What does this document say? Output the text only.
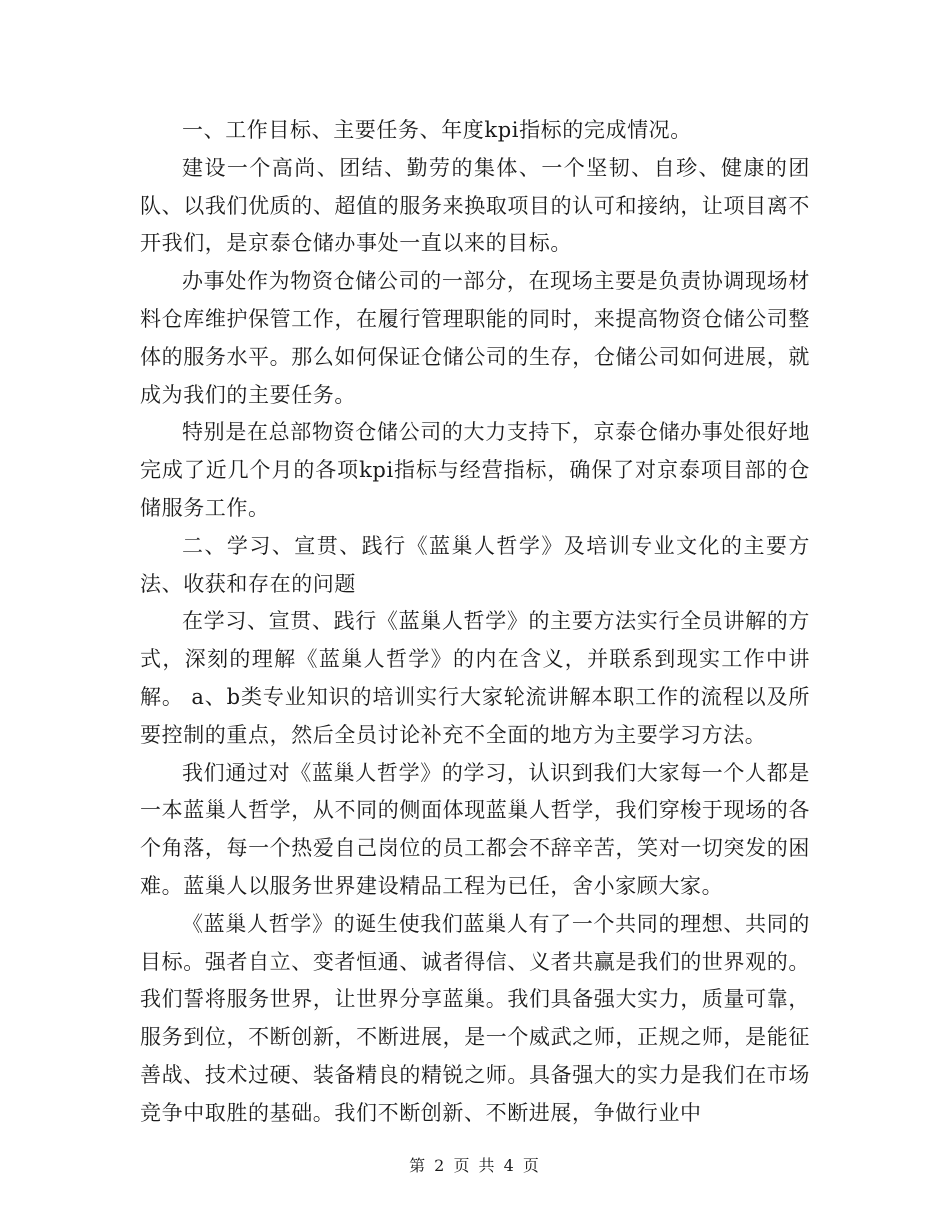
一、工作目标、主要任务、年度kpi指标的完成情况。

建设一个高尚、团结、勤劳的集体、一个坚韧、自珍、健康的团队、以我们优质的、超值的服务来换取项目的认可和接纳，让项目离不开我们，是京泰仓储办事处一直以来的目标。

办事处作为物资仓储公司的一部分，在现场主要是负责协调现场材料仓库维护保管工作，在履行管理职能的同时，来提高物资仓储公司整体的服务水平。那么如何保证仓储公司的生存，仓储公司如何进展，就成为我们的主要任务。

特别是在总部物资仓储公司的大力支持下，京泰仓储办事处很好地完成了近几个月的各项kpi指标与经营指标，确保了对京泰项目部的仓储服务工作。

二、学习、宣贯、践行《蓝巢人哲学》及培训专业文化的主要方法、收获和存在的问题

在学习、宣贯、践行《蓝巢人哲学》的主要方法实行全员讲解的方式，深刻的理解《蓝巢人哲学》的内在含义，并联系到现实工作中讲解。 a、b类专业知识的培训实行大家轮流讲解本职工作的流程以及所要控制的重点，然后全员讨论补充不全面的地方为主要学习方法。

我们通过对《蓝巢人哲学》的学习，认识到我们大家每一个人都是一本蓝巢人哲学，从不同的侧面体现蓝巢人哲学，我们穿梭于现场的各个角落，每一个热爱自己岗位的员工都会不辞辛苦，笑对一切突发的困难。蓝巢人以服务世界建设精品工程为已任，舍小家顾大家。

《蓝巢人哲学》的诞生使我们蓝巢人有了一个共同的理想、共同的目标。强者自立、变者恒通、诚者得信、义者共赢是我们的世界观的。我们誓将服务世界，让世界分享蓝巢。我们具备强大实力，质量可靠，服务到位，不断创新，不断进展，是一个威武之师，正规之师，是能征善战、技术过硬、装备精良的精锐之师。具备强大的实力是我们在市场竞争中取胜的基础。我们不断创新、不断进展，争做行业中

第 2 页 共 4 页
